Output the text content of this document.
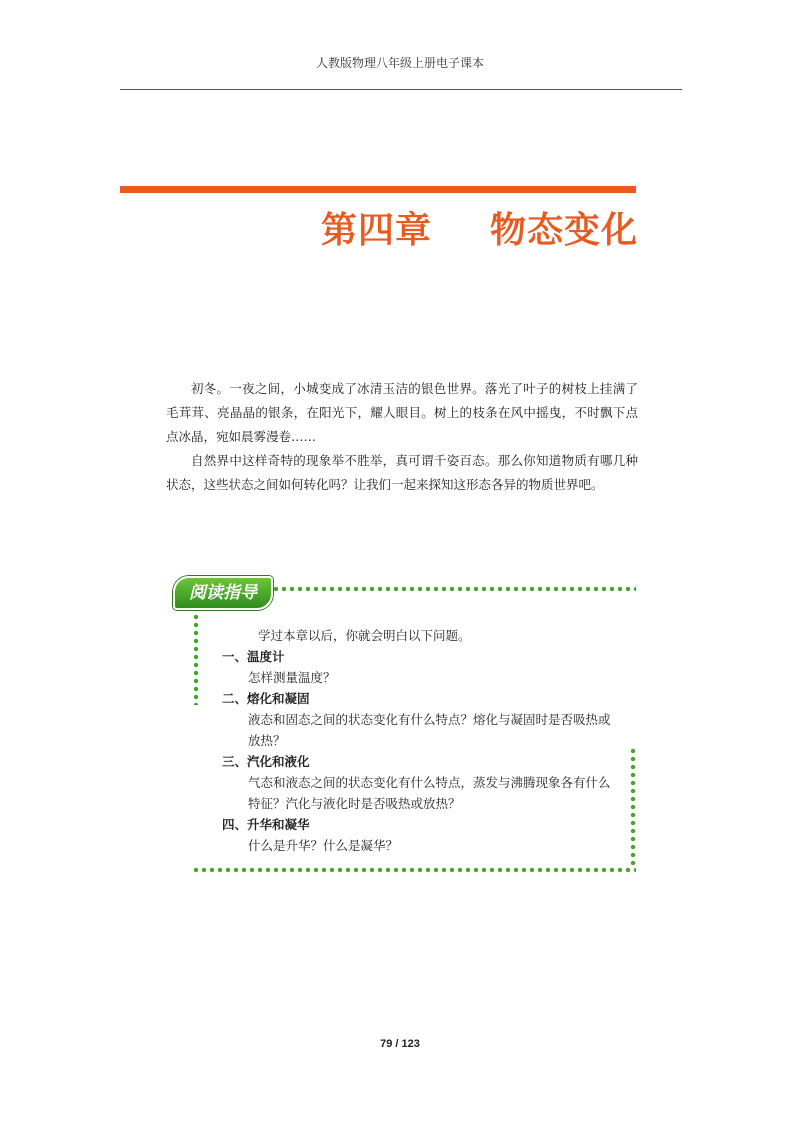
人教版物理八年级上册电子课本
第四章 物态变化

初冬。一夜之间，小城变成了冰清玉洁的银色世界。落光了叶子的树枝上挂满了毛茸茸、亮晶晶的银条，在阳光下，耀人眼目。树上的枝条在风中摇曳，不时飘下点点冰晶，宛如晨雾漫卷……

自然界中这样奇特的现象举不胜举，真可谓千姿百态。那么你知道物质有哪几种状态，这些状态之间如何转化吗？让我们一起来探知这形态各异的物质世界吧。

阅读指导
学过本章以后，你就会明白以下问题。
一、温度计
怎样测量温度？
二、熔化和凝固
液态和固态之间的状态变化有什么特点？熔化与凝固时是否吸热或放热？
三、汽化和液化
气态和液态之间的状态变化有什么特点，蒸发与沸腾现象各有什么特征？汽化与液化时是否吸热或放热？
四、升华和凝华
什么是升华？什么是凝华？
79 / 123
